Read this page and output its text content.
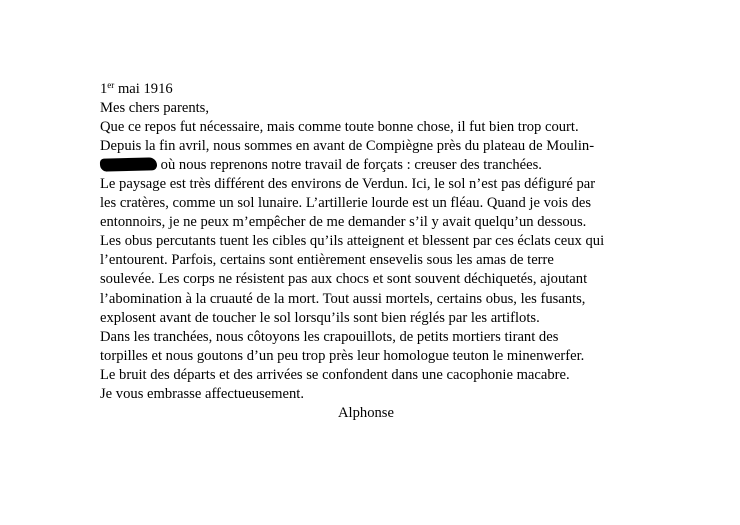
1er mai 1916
Mes chers parents,
Que ce repos fut nécessaire, mais comme toute bonne chose, il fut bien trop court.
Depuis la fin avril, nous sommes en avant de Compiègne près du plateau de Moulin-
où nous reprenons notre travail de forçats : creuser des tranchées.
Le paysage est très différent des environs de Verdun. Ici, le sol n’est pas défiguré par
les cratères, comme un sol lunaire. L’artillerie lourde est un fléau. Quand je vois des
entonnoirs, je ne peux m’empêcher de me demander s’il y avait quelqu’un dessous.
Les obus percutants tuent les cibles qu’ils atteignent et blessent par ces éclats ceux qui
l’entourent. Parfois, certains sont entièrement ensevelis sous les amas de terre
soulevée. Les corps ne résistent pas aux chocs et sont souvent déchiquetés, ajoutant
l’abomination à la cruauté de la mort. Tout aussi mortels, certains obus, les fusants,
explosent avant de toucher le sol lorsqu’ils sont bien réglés par les artiflots.
Dans les tranchées, nous côtoyons les crapouillots, de petits mortiers tirant des
torpilles et nous goutons d’un peu trop près leur homologue teuton le minenwerfer.
Le bruit des départs et des arrivées se confondent dans une cacophonie macabre.
Je vous embrasse affectueusement.
Alphonse
